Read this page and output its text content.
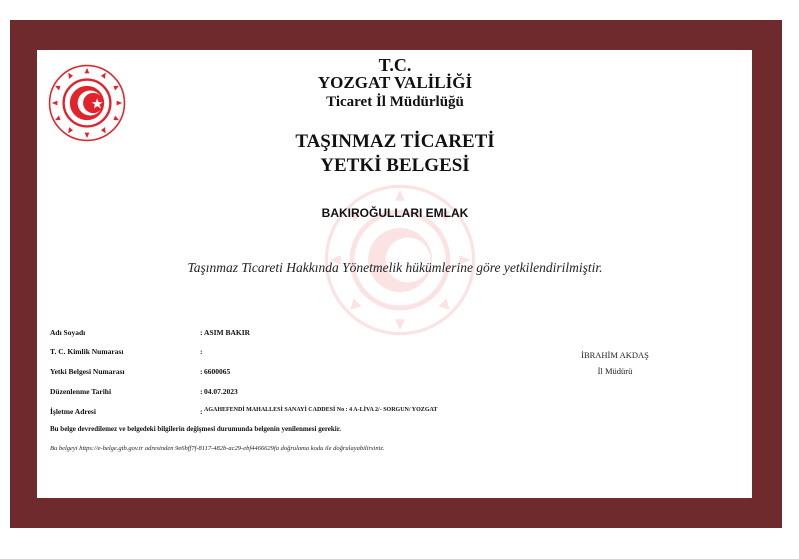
T.C.
YOZGAT VALİLİĞİ
Ticaret İl Müdürlüğü
TAŞINMAZ TİCARETİ
YETKİ BELGESİ
BAKIROĞULLARI EMLAK
Taşınmaz Ticareti Hakkında Yönetmelik hükümlerine göre yetkilendirilmiştir.
Adı Soyadı	: ASIM BAKIR
T. C. Kimlik Numarası	:
Yetki Belgesi Numarası	: 6600065
Düzenlenme Tarihi	: 04.07.2023
İşletme Adresi	: AGAHEFENDİ MAHALLESİ SANAYİ CADDESİ No : 4 A-LİVA 2/- SORGUN/ YOZGAT
Bu belge devredilemez ve belgedeki bilgilerin değişmesi durumunda belgenin yenilenmesi gerekir.
Bu belgeyi https://e-belge.gtb.gov.tr adresinden 9e6bff7f-8117-482b-ac29-ebf4466629fa doğrulama kodu ile doğrulayabilirsiniz.
İBRAHİM AKDAŞ
İl Müdürü
